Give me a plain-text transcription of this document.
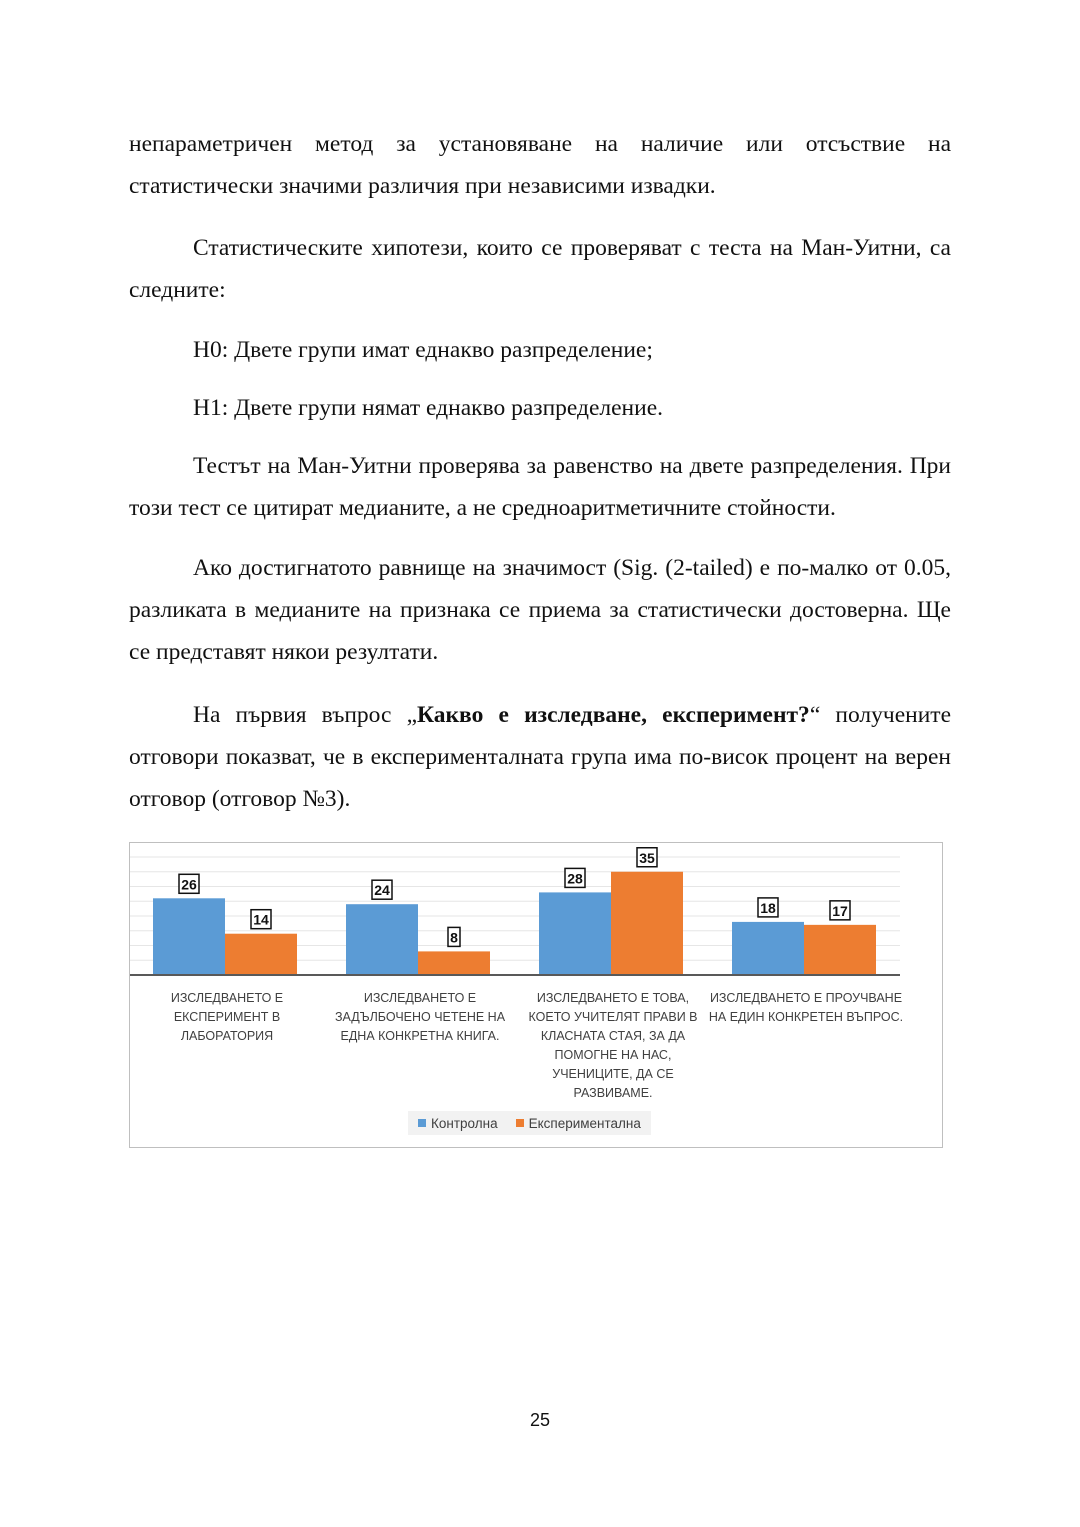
непараметричен метод за установяване на наличие или отсъствие на статистически значими различия при независими извадки.

Статистическите хипотези, които се проверяват с теста на Ман-Уитни, са следните:

H0: Двете групи имат еднакво разпределение;

H1: Двете групи нямат еднакво разпределение.

Тестът на Ман-Уитни проверява за равенство на двете разпределения. При този тест се цитират медианите, а не средноаритметичните стойности.

Ако достигнатото равнище на значимост (Sig. (2-tailed) е по-малко от 0.05, разликата в медианите на признака се приема за статистически достоверна. Ще се представят някои резултати.

На първия въпрос „Какво е изследване, експеримент?“ получените отговори показват, че в експерименталната група има по-висок процент на верен отговор (отговор №3).

26	24
28
18
14
8
35
17
ИЗСЛЕДВАНЕТО Е ЕКСПЕРИМЕНТ В ЛАБОРАТОРИЯ
ИЗСЛЕДВАНЕТО Е ЗАДЪЛБОЧЕНО ЧЕТЕНЕ НА ЕДНА КОНКРЕТНА КНИГА.
ИЗСЛЕДВАНЕТО Е ТОВА, КОЕТО УЧИТЕЛЯТ ПРАВИ В КЛАСНАТА СТАЯ, ЗА ДА ПОМОГНЕ НА НАС, УЧЕНИЦИТЕ, ДА СЕ РАЗВИВАМЕ.
ИЗСЛЕДВАНЕТО Е ПРОУЧВАНЕ НА ЕДИН КОНКРЕТЕН ВЪПРОС.
Контролна Експериментална
25
